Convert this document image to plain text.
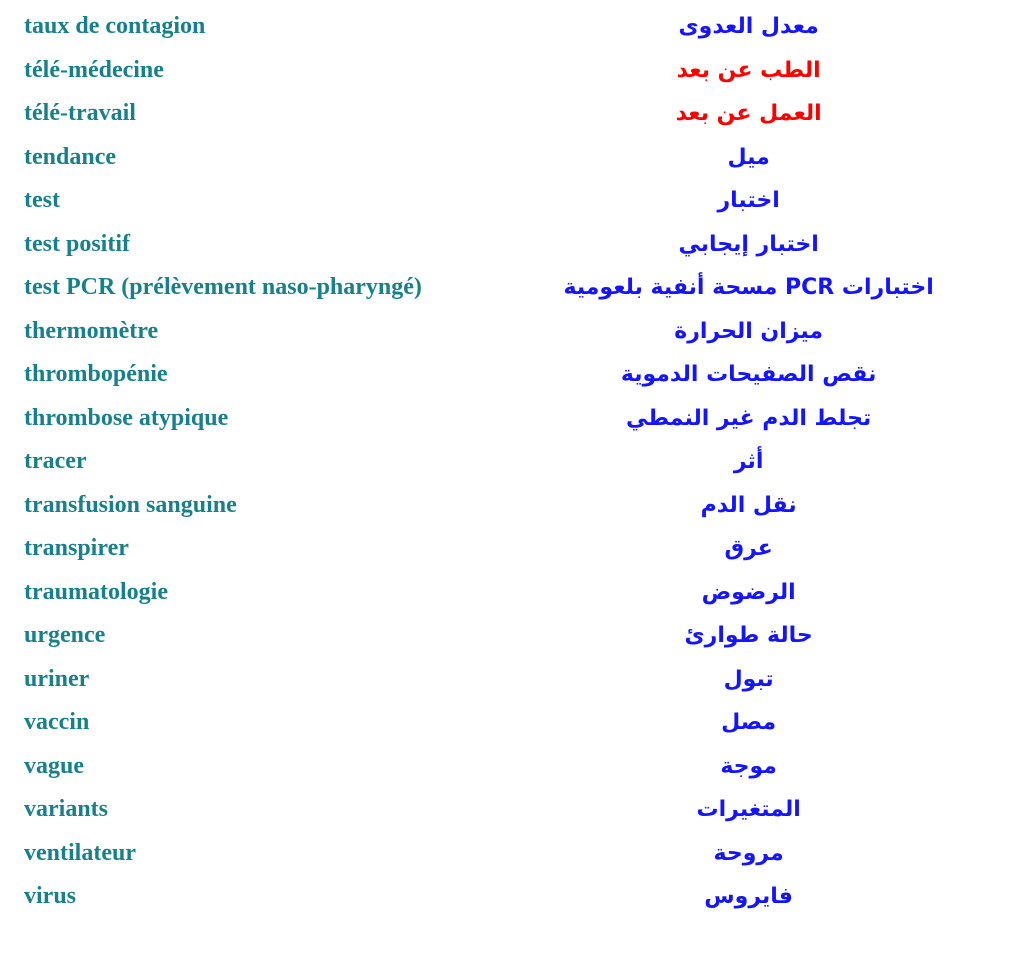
taux de contagion	معدل العدوى
télé-médecine	الطب عن بعد
télé-travail	العمل عن بعد
tendance	ميل
test	اختبار
test positif	اختبار إيجابي
test PCR (prélèvement naso-pharyngé)	اختبارات PCR مسحة أنفية بلعومية
thermomètre	ميزان الحرارة
thrombopénie	نقص الصفيحات الدموية
thrombose atypique	تجلط الدم غير النمطي
tracer	أثر
transfusion sanguine	نقل الدم
transpirer	عرق
traumatologie	الرضوض
urgence	حالة طوارئ
uriner	تبول
vaccin	مصل
vague	موجة
variants	المتغيرات
ventilateur	مروحة
virus	فايروس
